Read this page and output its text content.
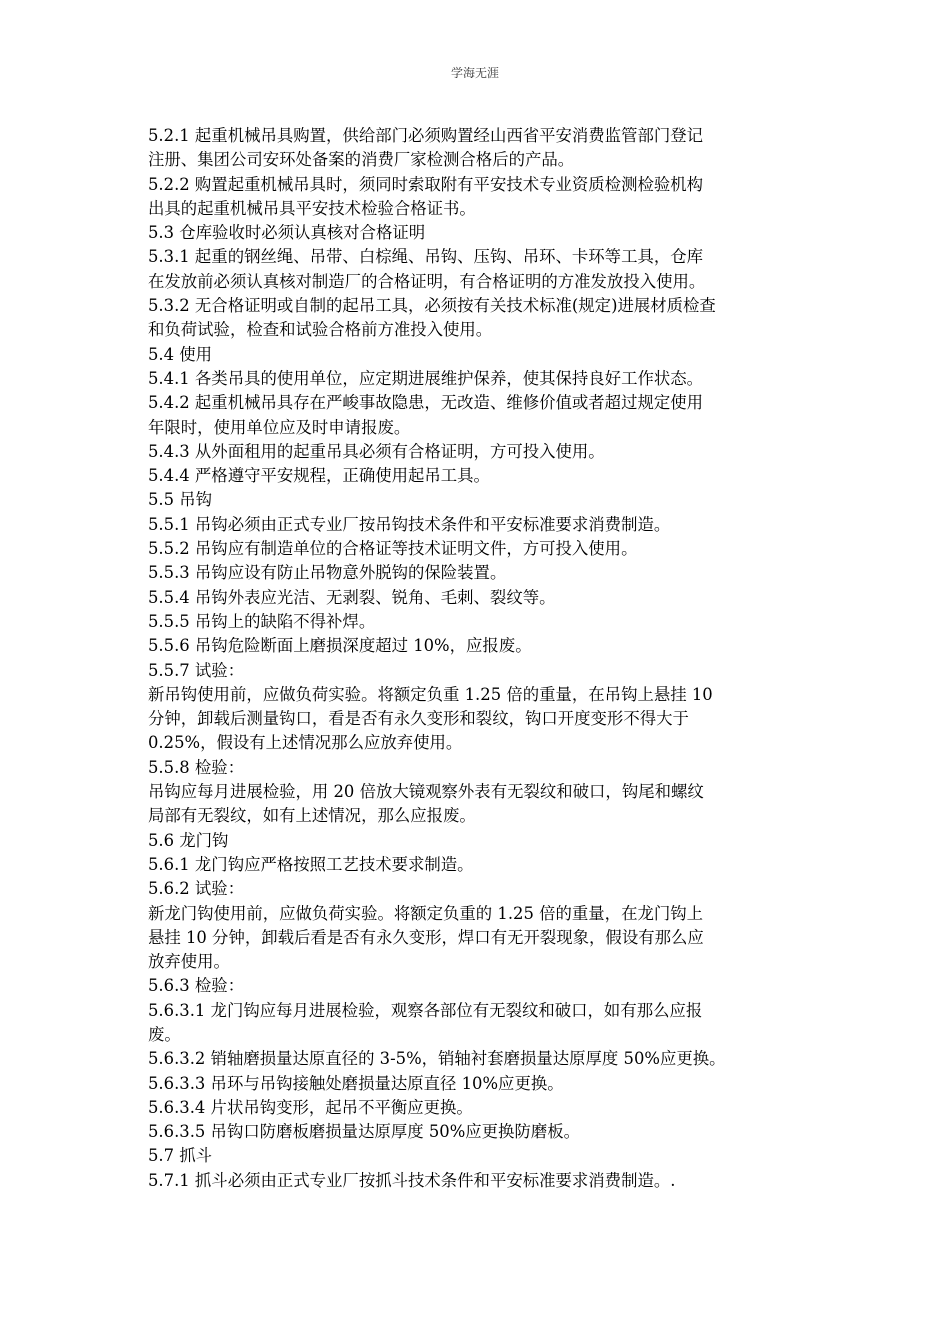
学海无涯
5.2.1 起重机械吊具购置，供给部门必须购置经山西省平安消费监管部门登记
注册、集团公司安环处备案的消费厂家检测合格后的产品。
5.2.2 购置起重机械吊具时，须同时索取附有平安技术专业资质检测检验机构
出具的起重机械吊具平安技术检验合格证书。
5.3 仓库验收时必须认真核对合格证明
5.3.1 起重的钢丝绳、吊带、白棕绳、吊钩、压钩、吊环、卡环等工具，仓库
在发放前必须认真核对制造厂的合格证明，有合格证明的方准发放投入使用。
5.3.2 无合格证明或自制的起吊工具，必须按有关技术标准(规定)进展材质检查
和负荷试验，检查和试验合格前方准投入使用。
5.4 使用
5.4.1 各类吊具的使用单位，应定期进展维护保养，使其保持良好工作状态。
5.4.2 起重机械吊具存在严峻事故隐患，无改造、维修价值或者超过规定使用
年限时，使用单位应及时申请报废。
5.4.3 从外面租用的起重吊具必须有合格证明，方可投入使用。
5.4.4 严格遵守平安规程，正确使用起吊工具。
5.5 吊钩
5.5.1 吊钩必须由正式专业厂按吊钩技术条件和平安标准要求消费制造。
5.5.2 吊钩应有制造单位的合格证等技术证明文件，方可投入使用。
5.5.3 吊钩应设有防止吊物意外脱钩的保险装置。
5.5.4 吊钩外表应光洁、无剥裂、锐角、毛刺、裂纹等。
5.5.5 吊钩上的缺陷不得补焊。
5.5.6 吊钩危险断面上磨损深度超过 10%，应报废。
5.5.7 试验：
新吊钩使用前，应做负荷实验。将额定负重 1.25 倍的重量，在吊钩上悬挂 10
分钟，卸载后测量钩口，看是否有永久变形和裂纹，钩口开度变形不得大于
0.25%，假设有上述情况那么应放弃使用。
5.5.8 检验：
吊钩应每月进展检验，用 20 倍放大镜观察外表有无裂纹和破口，钩尾和螺纹
局部有无裂纹，如有上述情况，那么应报废。
5.6 龙门钩
5.6.1 龙门钩应严格按照工艺技术要求制造。
5.6.2 试验：
新龙门钩使用前，应做负荷实验。将额定负重的 1.25 倍的重量，在龙门钩上
悬挂 10 分钟，卸载后看是否有永久变形，焊口有无开裂现象，假设有那么应
放弃使用。
5.6.3 检验：
5.6.3.1 龙门钩应每月进展检验，观察各部位有无裂纹和破口，如有那么应报
废。
5.6.3.2 销轴磨损量达原直径的 3-5%，销轴衬套磨损量达原厚度 50%应更换。
5.6.3.3 吊环与吊钩接触处磨损量达原直径 10%应更换。
5.6.3.4 片状吊钩变形，起吊不平衡应更换。
5.6.3.5 吊钩口防磨板磨损量达原厚度 50%应更换防磨板。
5.7 抓斗
5.7.1 抓斗必须由正式专业厂按抓斗技术条件和平安标准要求消费制造。.
